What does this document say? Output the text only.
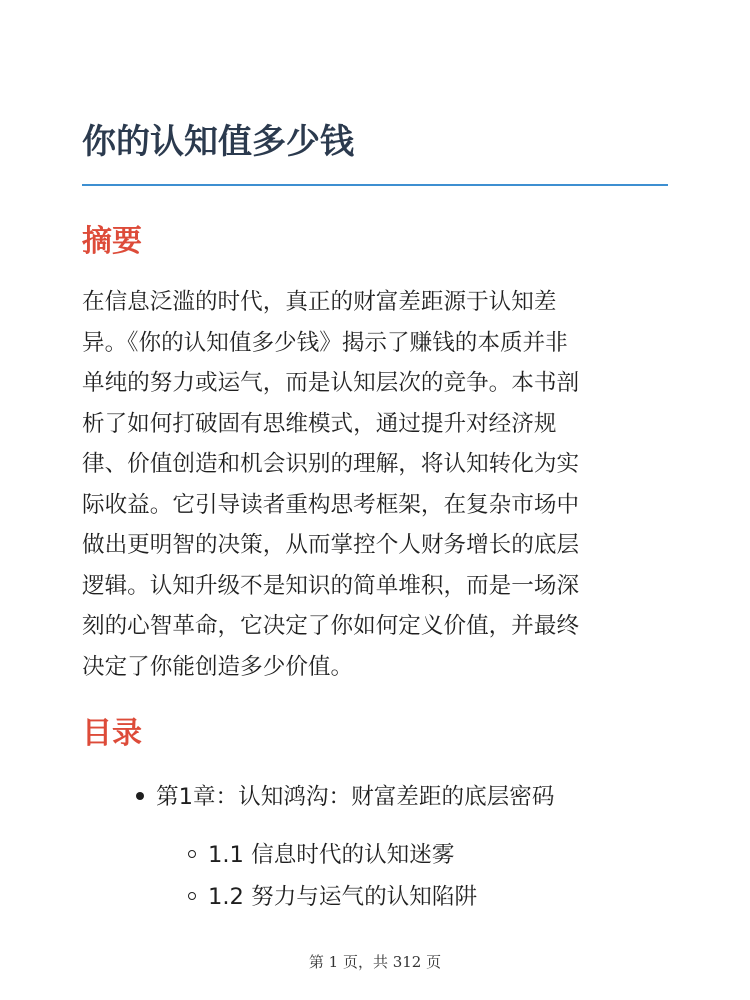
你的认知值多少钱
摘要

在信息泛滥的时代，真正的财富差距源于认知差
异。《你的认知值多少钱》揭示了赚钱的本质并非
单纯的努力或运气，而是认知层次的竞争。本书剖
析了如何打破固有思维模式，通过提升对经济规
律、价值创造和机会识别的理解，将认知转化为实
际收益。它引导读者重构思考框架，在复杂市场中
做出更明智的决策，从而掌控个人财务增长的底层
逻辑。认知升级不是知识的简单堆积，而是一场深
刻的心智革命，它决定了你如何定义价值，并最终
决定了你能创造多少价值。

目录
第1章：认知鸿沟：财富差距的底层密码
1.1 信息时代的认知迷雾
1.2 努力与运气的认知陷阱
第 1 页，共 312 页
